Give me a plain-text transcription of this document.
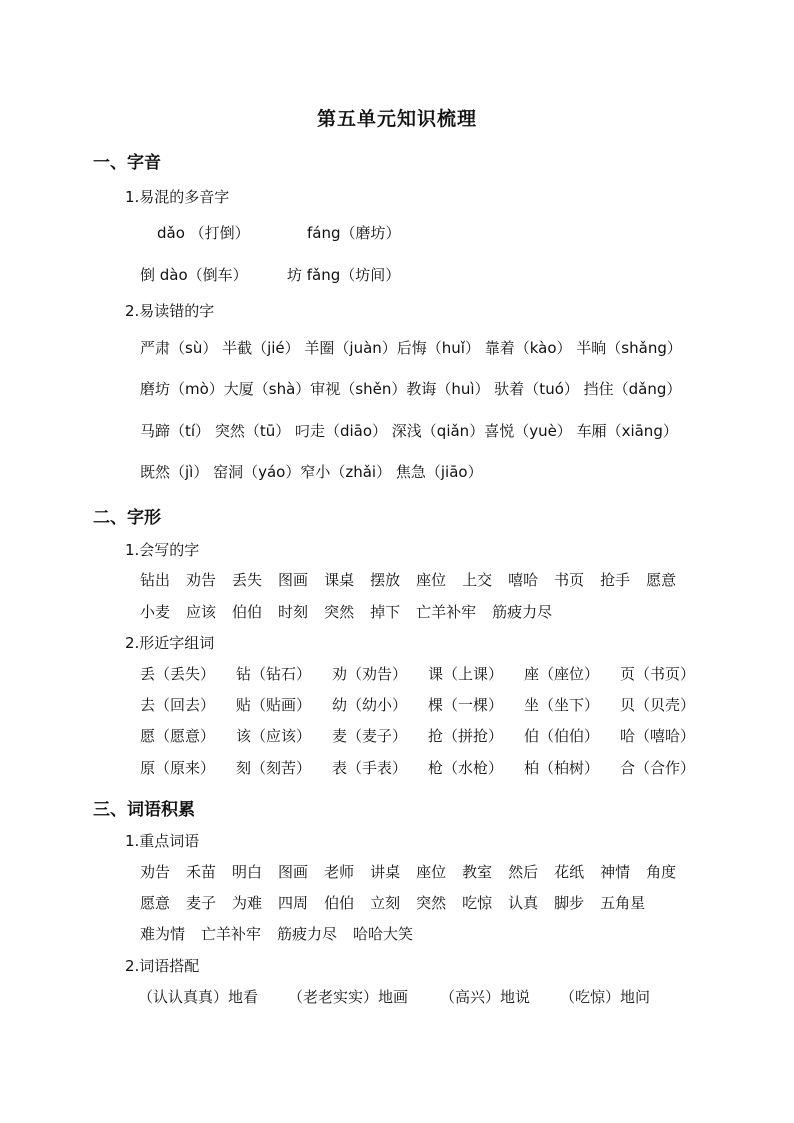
第五单元知识梳理
一、字音
1.易混的多音字
dǎo （打倒）	fáng（磨坊）
倒 dào（倒车）	坊 fǎng（坊间）
2.易读错的字
严肃（sù） 半截（jié） 羊圈（juàn）后悔（huǐ） 靠着（kào） 半晌（shǎng）
磨坊（mò）大厦（shà）审视（shěn）教诲（huì） 驮着（tuó） 挡住（dǎng）
马蹄（tí） 突然（tū） 叼走（diāo） 深浅（qiǎn）喜悦（yuè） 车厢（xiāng）
既然（jì） 窑洞（yáo）窄小（zhǎi） 焦急（jiāo）
二、字形
1.会写的字
钻出 劝告 丢失 图画 课桌 摆放 座位 上交 嘻哈 书页 抢手 愿意
小麦 应该 伯伯 时刻 突然 掉下 亡羊补牢 筋疲力尽
2.形近字组词
丢（丢失） 钻（钻石） 劝（劝告） 课（上课） 座（座位） 页（书页）
去（回去） 贴（贴画） 幼（幼小） 棵（一棵） 坐（坐下） 贝（贝壳）
愿（愿意） 该（应该） 麦（麦子） 抢（拼抢） 伯（伯伯） 哈（嘻哈）
原（原来） 刻（刻苦） 表（手表） 枪（水枪） 柏（柏树） 合（合作）
三、词语积累
1.重点词语
劝告 禾苗 明白 图画 老师 讲桌 座位 教室 然后 花纸 神情 角度
愿意 麦子 为难 四周 伯伯 立刻 突然 吃惊 认真 脚步 五角星
难为情 亡羊补牢 筋疲力尽 哈哈大笑
2.词语搭配
（认认真真）地看 （老老实实）地画 （高兴）地说 （吃惊）地问
